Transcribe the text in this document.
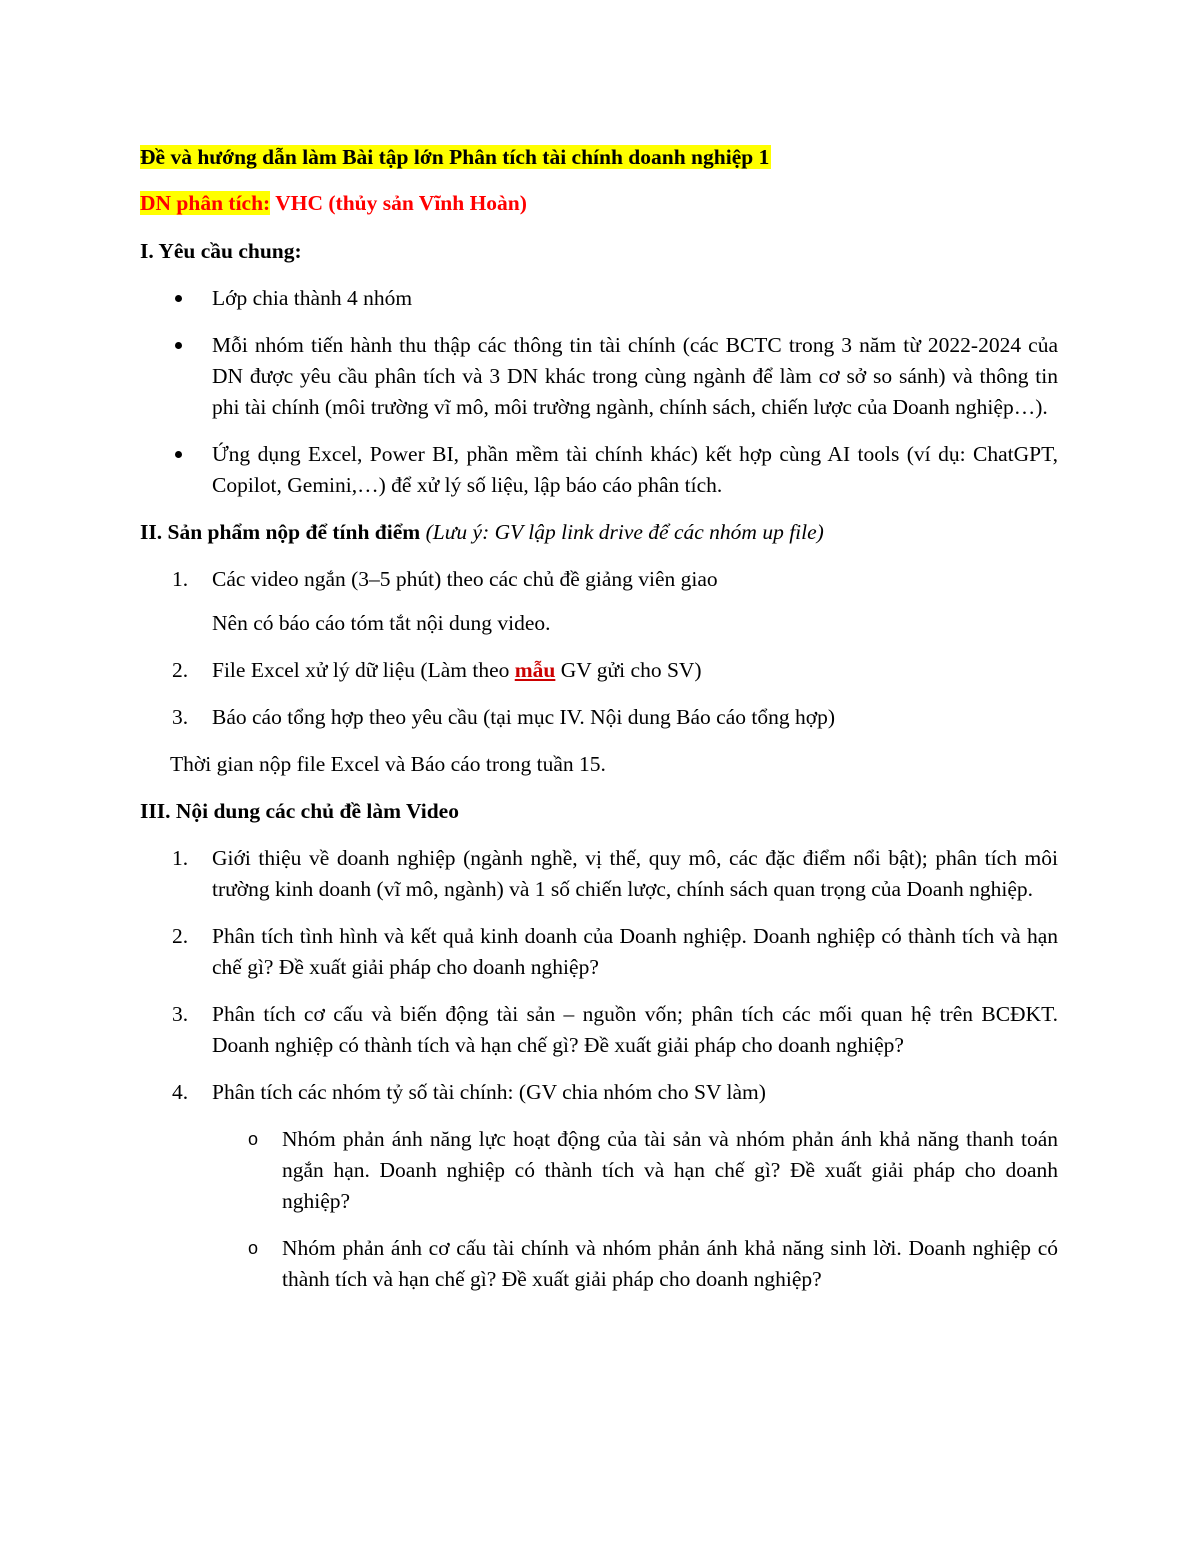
Đề và hướng dẫn làm Bài tập lớn Phân tích tài chính doanh nghiệp 1
DN phân tích: VHC (thủy sản Vĩnh Hoàn)
I. Yêu cầu chung:
Lớp chia thành 4 nhóm
Mỗi nhóm tiến hành thu thập các thông tin tài chính (các BCTC trong 3 năm từ 2022-2024 của DN được yêu cầu phân tích và 3 DN khác trong cùng ngành để làm cơ sở so sánh) và thông tin phi tài chính (môi trường vĩ mô, môi trường ngành, chính sách, chiến lược của Doanh nghiệp…).
Ứng dụng Excel, Power BI, phần mềm tài chính khác) kết hợp cùng AI tools (ví dụ: ChatGPT, Copilot, Gemini,…) để xử lý số liệu, lập báo cáo phân tích.
II. Sản phẩm nộp để tính điểm (Lưu ý: GV lập link drive để các nhóm up file)
1. Các video ngắn (3–5 phút) theo các chủ đề giảng viên giao
Nên có báo cáo tóm tắt nội dung video.
2. File Excel xử lý dữ liệu (Làm theo mẫu GV gửi cho SV)
3. Báo cáo tổng hợp theo yêu cầu (tại mục IV. Nội dung Báo cáo tổng hợp)
Thời gian nộp file Excel và Báo cáo trong tuần 15.
III. Nội dung các chủ đề làm Video
1. Giới thiệu về doanh nghiệp (ngành nghề, vị thế, quy mô, các đặc điểm nổi bật); phân tích môi trường kinh doanh (vĩ mô, ngành) và 1 số chiến lược, chính sách quan trọng của Doanh nghiệp.
2. Phân tích tình hình và kết quả kinh doanh của Doanh nghiệp. Doanh nghiệp có thành tích và hạn chế gì? Đề xuất giải pháp cho doanh nghiệp?
3. Phân tích cơ cấu và biến động tài sản – nguồn vốn; phân tích các mối quan hệ trên BCĐKT. Doanh nghiệp có thành tích và hạn chế gì? Đề xuất giải pháp cho doanh nghiệp?
4. Phân tích các nhóm tỷ số tài chính: (GV chia nhóm cho SV làm)
o Nhóm phản ánh năng lực hoạt động của tài sản và nhóm phản ánh khả năng thanh toán ngắn hạn. Doanh nghiệp có thành tích và hạn chế gì? Đề xuất giải pháp cho doanh nghiệp?
o Nhóm phản ánh cơ cấu tài chính và nhóm phản ánh khả năng sinh lời. Doanh nghiệp có thành tích và hạn chế gì? Đề xuất giải pháp cho doanh nghiệp?
